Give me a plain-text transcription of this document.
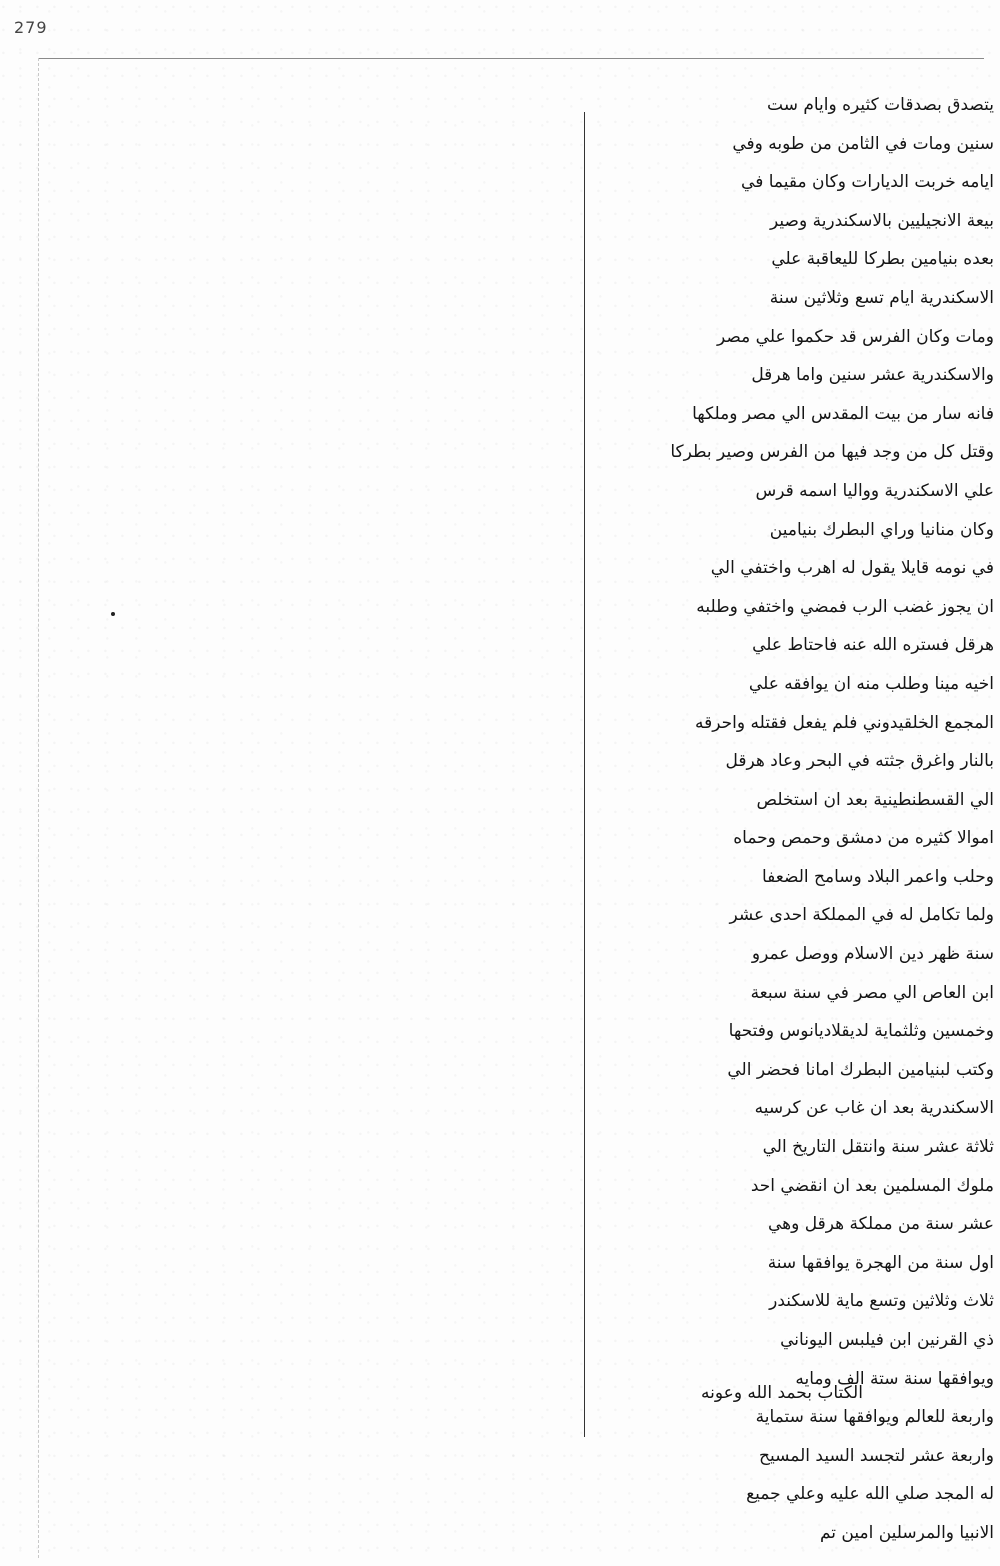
279
يتصدق بصدقات كثيره وايام ست
سنين ومات في الثامن من طوبه وفي
ايامه خربت الديارات وكان مقيما في
بيعة الانجيليين بالاسكندرية وصير
بعده بنيامين بطركا لليعاقبة علي
الاسكندرية ايام تسع وثلاثين سنة
ومات وكان الفرس قد حكموا علي مصر
والاسكندرية عشر سنين واما هرقل
فانه سار من بيت المقدس الي مصر وملكها
وقتل كل من وجد فيها من الفرس وصير بطركا
علي الاسكندرية وواليا اسمه قرس
وكان منانيا وراي البطرك بنيامين
في نومه قايلا يقول له اهرب واختفي الي
ان يجوز غضب الرب فمضي واختفي وطلبه
هرقل فستره الله عنه فاحتاط علي
اخيه مينا وطلب منه ان يوافقه علي
المجمع الخلقيدوني فلم يفعل فقتله واحرقه
بالنار واغرق جثته في البحر وعاد هرقل
الي القسطنطينية بعد ان استخلص
اموالا كثيره من دمشق وحمص وحماه
وحلب واعمر البلاد وسامح الضعفا
ولما تكامل له في المملكة احدى عشر
سنة ظهر دين الاسلام ووصل عمرو
ابن العاص الي مصر في سنة سبعة
وخمسين وثلثماية لديقلاديانوس وفتحها
وكتب لبنيامين البطرك امانا فحضر الي
الاسكندرية بعد ان غاب عن كرسيه
ثلاثة عشر سنة وانتقل التاريخ الي
ملوك المسلمين بعد ان انقضي احد
عشر سنة من مملكة هرقل وهي
اول سنة من الهجرة يوافقها سنة
ثلاث وثلاثين وتسع ماية للاسكندر
ذي القرنين ابن فيلبس اليوناني
ويوافقها سنة ستة الف ومايه
واربعة للعالم ويوافقها سنة ستماية
واربعة عشر لتجسد السيد المسيح
له المجد صلي الله عليه وعلي جميع
الانبيا والمرسلين امين تم
الكتاب بحمد الله وعونه
